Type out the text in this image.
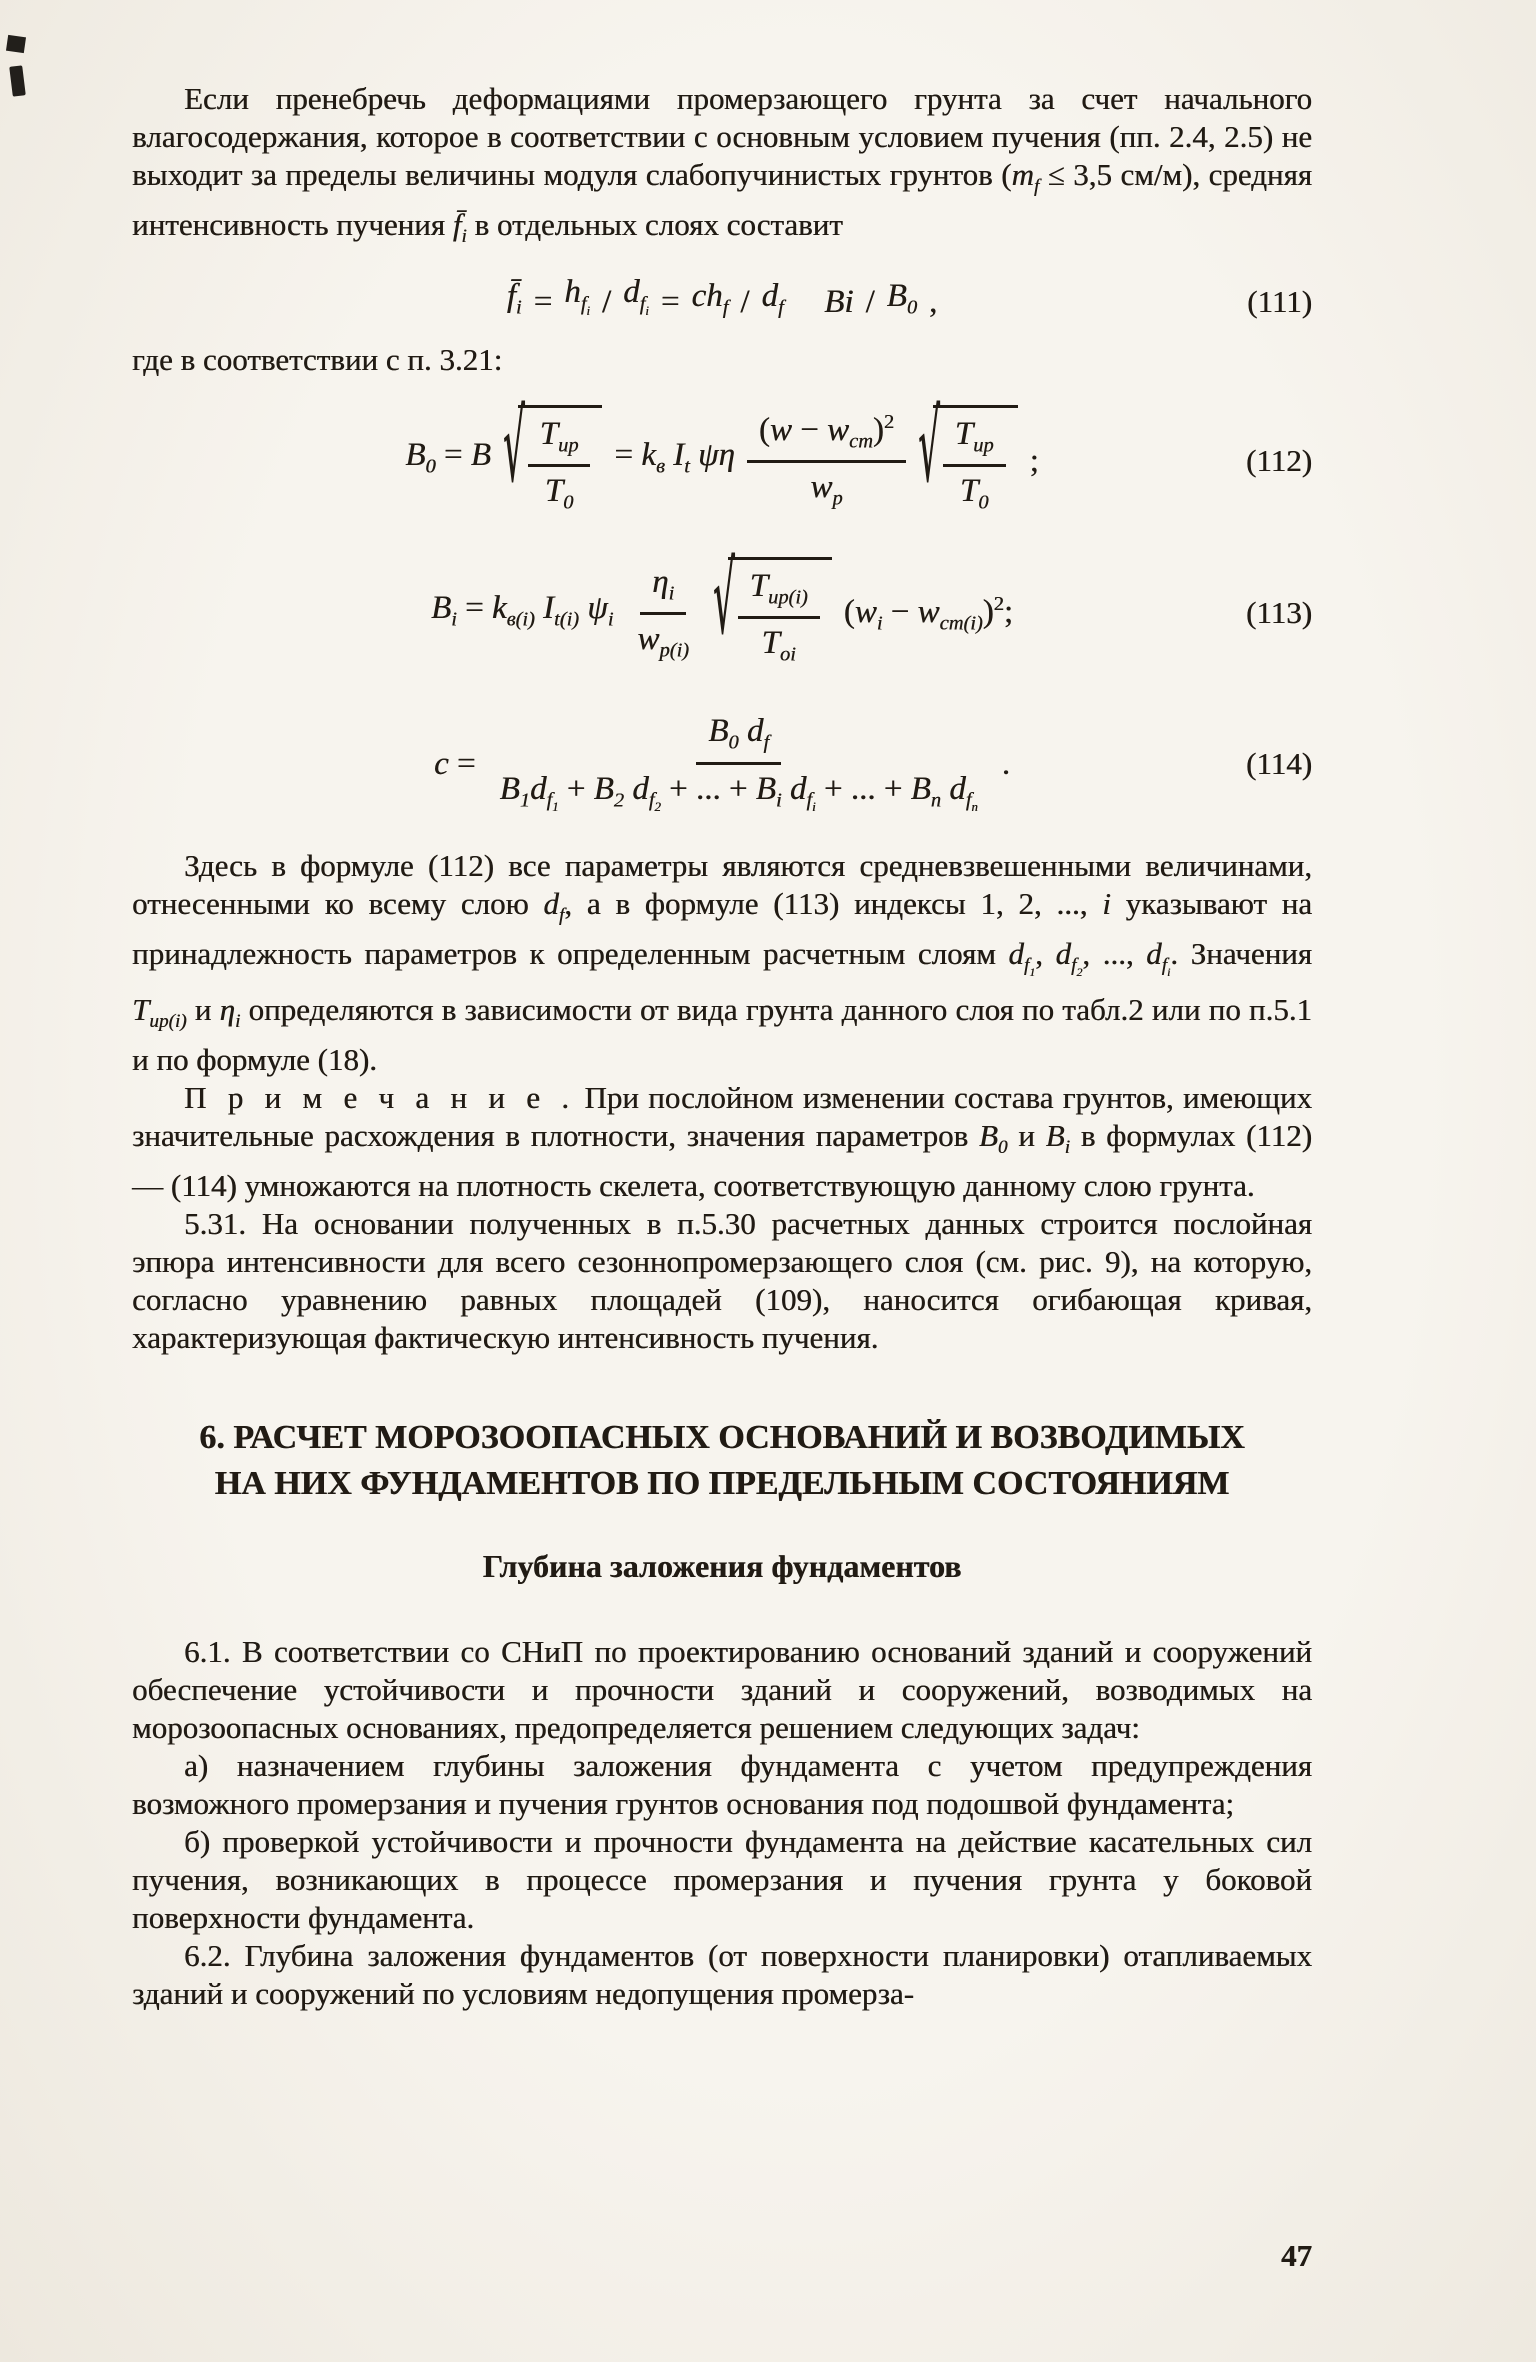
Если пренебречь деформациями промерзающего грунта за счет начального влагосодержания, которое в соответствии с основным условием пучения (пп. 2.4, 2.5) не выходит за пределы величины модуля слабопучинистых грунтов ($m_f \le 3,5$ см/м), средняя интенсивность пучения $f̄_i$ в отдельных слоях составит

$f̄_i = h_{f_i} / d_{f_i} = ch_f / d_f$
Bi / $B_0$ ,	(111)

где в соответствии с п. 3.21:

$B_0 = B$ √ $\frac{T_{ир}}{T_0} = k_в$ $I_t$ ψη $\frac{(w - w_{ст})^2}{w_p}$ √ $\frac{T_{ир}}{T_0}$ ;	(112)
$B_i = k_{в(i)}$ $I_{t(i)}$ $\psi_i \frac{\eta_i}{w_{p(i)}}$ √ $\frac{T_{ир(i)}}{T_{оi}} (w_i - w_{ст(i)})^2$;	(113)
$c = \frac{B_0 d_f}{B_1d_{f_1} + B_2 d_{f_2} + ... + B_i d_{f_i} + ... + B_n d_{f_n}}$ .	(114)

Здесь в формуле (112) все параметры являются средневзвешенными величинами, отнесенными ко всему слою $d_f$, а в формуле (113) индексы 1, 2, ..., i указывают на принадлежность параметров к определенным расчетным слоям $d_{f_1}$, $d_{f_2}$, ..., $d_{f_i}$. Значения $T_{ир(i)}$ и $\eta_i$ определяются в зависимости от вида грунта данного слоя по табл.2 или по п.5.1 и по формуле (18).

П р и м е ч а н и е . При послойном изменении состава грунтов, имеющих значительные расхождения в плотности, значения параметров $B_0$ и $B_i$ в формулах (112) — (114) умножаются на плотность скелета, соответствующую данному слою грунта.

5.31. На основании полученных в п.5.30 расчетных данных строится послойная эпюра интенсивности для всего сезоннопромерзающего слоя (см. рис. 9), на которую, согласно уравнению равных площадей (109), наносится огибающая кривая, характеризующая фактическую интенсивность пучения.

6. РАСЧЕТ МОРОЗООПАСНЫХ ОСНОВАНИЙ И ВОЗВОДИМЫХ
НА НИХ ФУНДАМЕНТОВ ПО ПРЕДЕЛЬНЫМ СОСТОЯНИЯМ
Глубина заложения фундаментов

6.1. В соответствии со СНиП по проектированию оснований зданий и сооружений обеспечение устойчивости и прочности зданий и сооружений, возводимых на морозоопасных основаниях, предопределяется решением следующих задач:

а) назначением глубины заложения фундамента с учетом предупреждения возможного промерзания и пучения грунтов основания под подошвой фундамента;

б) проверкой устойчивости и прочности фундамента на действие касательных сил пучения, возникающих в процессе промерзания и пучения грунта у боковой поверхности фундамента.

6.2. Глубина заложения фундаментов (от поверхности планировки) отапливаемых зданий и сооружений по условиям недопущения промерза-

47
